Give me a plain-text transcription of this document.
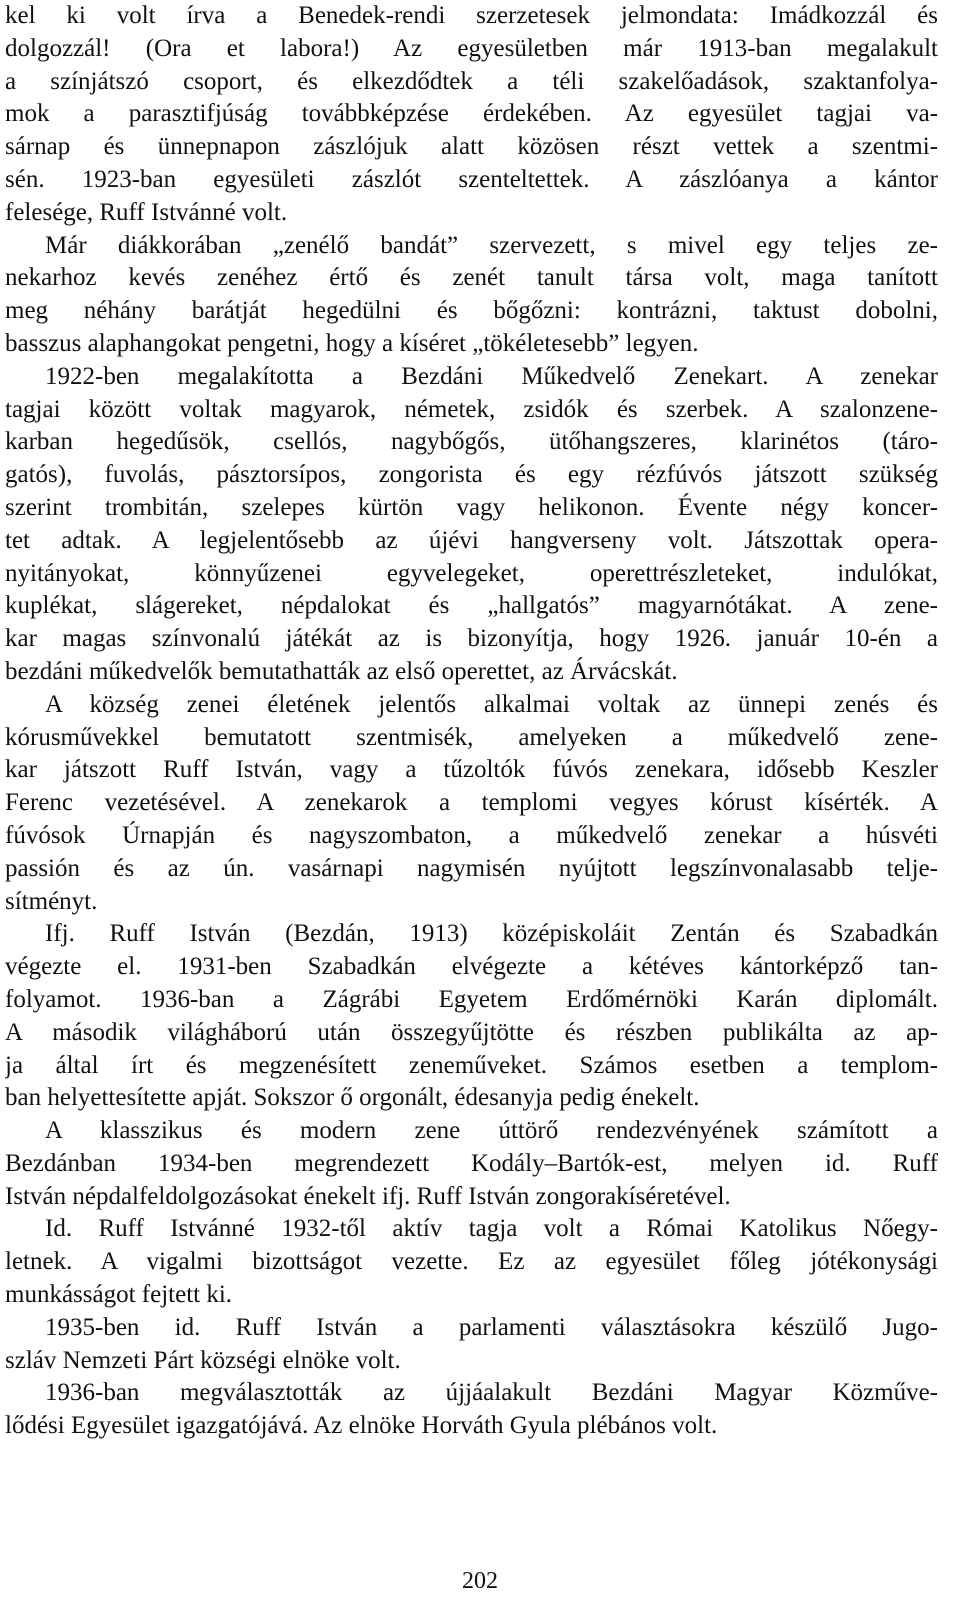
kel ki volt írva a Benedek-rendi szerzetesek jelmondata: Imádkozzál és
dolgozzál! (Ora et labora!) Az egyesületben már 1913-ban megalakult
a színjátszó csoport, és elkezdődtek a téli szakelőadások, szaktanfolya-
mok a parasztifjúság továbbképzése érdekében. Az egyesület tagjai va-
sárnap és ünnepnapon zászlójuk alatt közösen részt vettek a szentmi-
sén. 1923-ban egyesületi zászlót szenteltettek. A zászlóanya a kántor
felesége, Ruff Istvánné volt.
Már diákkorában „zenélő bandát” szervezett, s mivel egy teljes ze-
nekarhoz kevés zenéhez értő és zenét tanult társa volt, maga tanított
meg néhány barátját hegedülni és bőgőzni: kontrázni, taktust dobolni,
basszus alaphangokat pengetni, hogy a kíséret „tökéletesebb” legyen.
1922-ben megalakította a Bezdáni Műkedvelő Zenekart. A zenekar
tagjai között voltak magyarok, németek, zsidók és szerbek. A szalonzene-
karban hegedűsök, csellós, nagybőgős, ütőhangszeres, klarinétos (táro-
gatós), fuvolás, pásztorsípos, zongorista és egy rézfúvós játszott szükség
szerint trombitán, szelepes kürtön vagy helikonon. Évente négy koncer-
tet adtak. A legjelentősebb az újévi hangverseny volt. Játszottak opera-
nyitányokat, könnyűzenei egyvelegeket, operettrészleteket, indulókat,
kuplékat, slágereket, népdalokat és „hallgatós” magyarnótákat. A zene-
kar magas színvonalú játékát az is bizonyítja, hogy 1926. január 10-én a
bezdáni műkedvelők bemutathatták az első operettet, az Árvácskát.
A község zenei életének jelentős alkalmai voltak az ünnepi zenés és
kórusművekkel bemutatott szentmisék, amelyeken a műkedvelő zene-
kar játszott Ruff István, vagy a tűzoltók fúvós zenekara, idősebb Keszler
Ferenc vezetésével. A zenekarok a templomi vegyes kórust kísérték. A
fúvósok Úrnapján és nagyszombaton, a műkedvelő zenekar a húsvéti
passión és az ún. vasárnapi nagymisén nyújtott legszínvonalasabb telje-
sítményt.
Ifj. Ruff István (Bezdán, 1913) középiskoláit Zentán és Szabadkán
végezte el. 1931-ben Szabadkán elvégezte a kétéves kántorképző tan-
folyamot. 1936-ban a Zágrábi Egyetem Erdőmérnöki Karán diplomált.
A második világháború után összegyűjtötte és részben publikálta az ap-
ja által írt és megzenésített zeneműveket. Számos esetben a templom-
ban helyettesítette apját. Sokszor ő orgonált, édesanyja pedig énekelt.
A klasszikus és modern zene úttörő rendezvényének számított a
Bezdánban 1934-ben megrendezett Kodály–Bartók-est, melyen id. Ruff
István népdalfeldolgozásokat énekelt ifj. Ruff István zongorakíséretével.
Id. Ruff Istvánné 1932-től aktív tagja volt a Római Katolikus Nőegy-
letnek. A vigalmi bizottságot vezette. Ez az egyesület főleg jótékonysági
munkásságot fejtett ki.
1935-ben id. Ruff István a parlamenti választásokra készülő Jugo-
szláv Nemzeti Párt községi elnöke volt.
1936-ban megválasztották az újjáalakult Bezdáni Magyar Közműve-
lődési Egyesület igazgatójává. Az elnöke Horváth Gyula plébános volt.
202
